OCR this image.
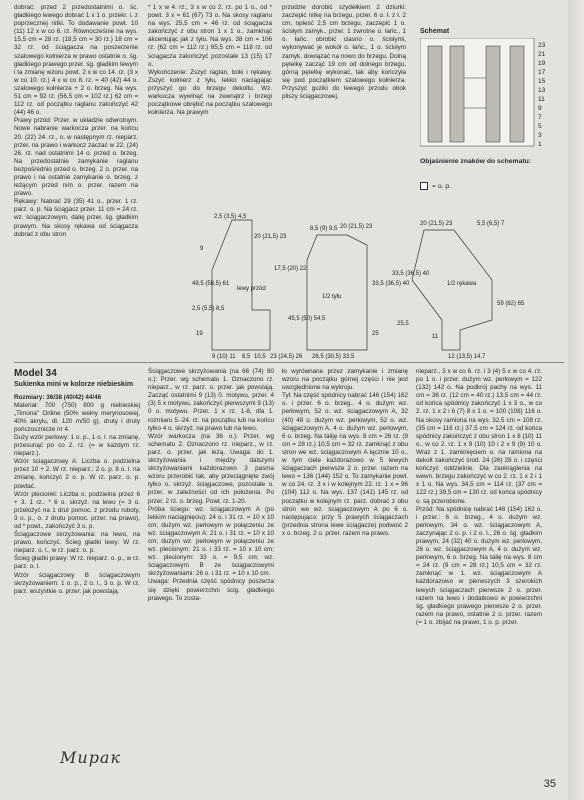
dobrać: przed 2 przedostatnimi o. śc. gładkiego lewego dobrać 1 x 1 o. przekr. i. z poprzecznej nitki. To dodawanie powt. 10 (11) 12 x w co 6. rz. Równocześnie na wys. 15,5 cm = 28 rz. (18,5 cm = 30 rz.) 18 cm = 32 rz. od ściągacza na poszerzenie szalowego kołnierza w prawo ostatnie o. śg. gładkiego prawego przer. śg. gładkim lewym i ta zmianę wzoru powt. 2 x w co 14. rz. (3 x w co 10. rz.) 4 x w co 8. rz. = 40 (42) 44 o. szalowego kołnierza + 2 o. brzeg. Na wys. 51 cm = 92 rz. (56,5 cm = 102 rz.) 62 cm = 112 rz. od początku raglanu zakończyć 42 (44) 46 o.

Prawy przód: Przer. w układzie odwrotnym. Nowe nabranie warkocza przer. na końcu 20. (22) 24. rz., o. w następnym rz. nieparz. przer. na prawo i warkocz zaczać w 22. (24) 26. rz. nad ostatnimi 14 o. przed o. brzeg. Na przedostatnie zamykanie raglanu bezpośrednio przed o. brzeg. 2 o. przer. na prawo i na ostatnie zamykanie o. brzeg. z leżącym przed nim o. przer. razem na prawo.

Rękawy: Nabrać 29 (35) 41 o., przer. 1 rz. parz. o. p. Na ściągacz przer. 11 cm = 24 rz. wz. ściągaczowym, dalej przer. śg. gładkim prawym. Na skosy rękawa od ściągacza dobrać z obu stron

* 1 x w 4. rz., 3 x w co 2. rz. po 1 o., od * powt. 3 x = 61 (67) 73 o. Na skosy raglanu na wys. 25,5 cm = 46 rz. od ściągacza zakończyć z obu stron 1 x 1 o., zamknąć akcentując jak z tyłu. Na wys. 38 cm = 106 rz. (62 cm = 112 rz.) 65,5 cm = 118 rz. od ściągacza zakończyć pozostałe 13 (15) 17 o.

Wykończenie: Zszyć raglan, boki i rękawy. Zszyć kołnierz z tyłu, lekko naciągając przyszyć go do brzegu dekoltu. Wz. warkocza wywinąć na zewnątrz i brzegi początkowe obrębić na początku szalowego kołnierza. Na prawym

przodzie dorobić szydełkiem 2 dziurki: zaczepić nitkę na brzegu, przer. 6 o. ł. z ł. 2 cm, opleść 2,5 cm brzegu, zaczepić 1 o. ścisłym zamyk., przer. 1 zwrotne o. łańc., 1 o. łańc. obrobić ciasno o. ścisłymi, wykonywać je wokół o. łańc., 1 o. ścisłym zamyk. dowiązać na nowo do brzegu. Dolną pętelkę zacząć 19 cm od dolnego brzegu, górną pętelkę wykonać, tak aby kończyła się pod początkiem szalowego kołnierza. Przyszyć guziki do lewego przodu obok pliszy ściągaczowej.

Schemat
23
21
19
17
15
13
11
9
7
5
3
1
Objaśnienie znaków do schematu:
= o. p.
lewy przód
1/2 tyłu
1/2 rękawa
2,5 (3,5) 4,5
9
20 (21,5) 23
17,5 (20) 22
49,5 (58,5) 61
2,5 (5,5) 8,5
19
9 (10) 11 8,5 10,5 23 (24,5) 26
8,5 (9) 9,5 20 (21,5) 23
33,5 (36,5) 40
45,5 (50) 54,5
25
26,5 (30,5) 33,5
5,5 (6,5) 7
20 (21,5) 23
33,5 (36,5) 40
59 (62) 65
25,5
11
12 (13,5) 14,7
Model 34
Sukienka mini w kolorze niebieskim

Rozmiary: 36/38 (40/42) 44/46

Materiał: 700 (750) 800 g niebieskiej „Timona" Online (50% wełny merynosowej, 40% akrylu, dł. 120 m/50 g), druty i druty pończosznicze nr 4.

Duży wzór perłowy: 1 o. p., 1 o. l. na zmianę, przesunąć po co 2. rz. (= w każdym rz. nieparz.).

Wzór ściągaczowy A: Liczba o. podzielna przez 10 + 2. W rz. nieparz.: 2 o. p. 8 o. l. na zmianę, kończyć 2 o. p. W rz. parz. o. p. powtać.

Wzór plecionki: Liczba o. podzielna przez 6 + 3. 1 rz.: * 6 o. skrzyż. na lewo (= 3 o. przełożyć na 1 drut pomoc. z przodu roboty, 3 o. p., o. z drutu pomoc. przer. na prawo), od * powt., zakończyć 3 o. p.

Ściągaczowe skrzyżowania: na lewo, na prawo, kończyć. Ścieg gładki lewy: W rz. nieparz. o. l., w rz. parz. o. p.

Ścieg gładki prawy: W rz. nieparz. o. p., w rz. parz. o. l.

Wzór ściągaczowy B ściągaczowym skrzyżowaniem: 1 o. p., 2 o. l., 3 o. p. W rz. parz. wszystkie o. przer. jak powstają.

Ściągaczowe skrzyżowania (na 66 (74) 80 o.): Przer. wg schematu 1. Oznaczono rz. nieparz., w rz. parz. o. przer. jak powstają. Zacząć ostatnimi 9 (13) 0. motywu, przer. 4 (3) 5 x motywu, zakończyć pierwszymi 9 (13) 0 o. motywu. Przer. 1 x rz. 1-8, dla 1. rozmiaru 5.-24. rz. na początku lub na końcu tylko 4 o. skrzyż. na prawo lub na lewo.

Wzór warkocza (na 36 o.): Przer. wg schematu 2. Oznaczono rz. nieparz., w rz. parz. o. przer. jak leżą. Uwaga: do 1. skrzyżowania i między dalszymi skrzyżowaniami każdorazowo 3 pasma wzoru przerobić tak, aby przeciągnięte zwój tylko o. skrzyż. ściągaczowe, pozostałe o. przer. w zależności od ich położenia. Po przer. 2 rz. o. brzeg. Powt. rz. 1-20.

Próba ściegu: wz. ściągaczowym A (po lekkim naciągnięciu): 24 o. i 31 rz. = 10 x 10 cm; dużym wz. perłowym w połączeniu ze wz. ściągaczowym A: 21 o. i 31 rz. = 10 x 10 cm; dużym wz. perłowym w połączeniu ze wz. plecionym: 21 o. i 33 rz. = 10 x 10 cm; wz. plecionym: 33 o. = 9,5 cm; wz. ściągaczowym B ze ściągaczowymi skrzyżowaniami: 26 o. i 31 rz. = 10 x 10 cm.

Uwaga: Przednia część spódnicy poszerza się dzięki powierzchni ścig. gładkiego prawego. To zosta-

ło wyrównane przez zamykanie i zmianę wzoru na początku górnej części i nie jest uwzględnione na wykroju.

Tył: Na część spódnicy nabrać 146 (154) 162 o. i przer. 6 o. brzeg., 4 o. dużym wz. perłowym, 52 o. wz. ściągaczowym A, 32 (40) 48 o. dużym wz. perłowym, 52 o. wz. ściągaczowym A, 4 o. dużym wz. perłowym, 6 o. brzeg. Na taliję na wys. 8 cm = 26 rz. (9 cm = 28 rz.) 10,5 cm = 32 rz. zamknąć z obu stron we wz. ściągaczowym A łącznie 10 o., w tym ciele każdorazowo w 5 lewych ściągaczach pierwsze 2 o. przer. razem na lewo = 136 (144) 152 o. To zamykanie powt. w co 24. rz. 3 x i w kolejnym 22. rz. 1 x = 96 (104) 112 o. Na wys. 137 (141) 145 rz. od początku w kolejnym rz. parz. dobrać z obu stron we wz. ściągaczowym A po 6 o. następująco: przy 5 prawych ściągaczach (przednia strona lewe ściągacze) podwoić 2 x o. brzeg. 2 o. przer. razem na prawo.

nieparz., 3 x w co 6. rz. i 3 (4) 5 x w co 4. rz. po 1 o. i przer. dużym wz. perłowym = 122 (132) 142 o. Na podkrój pachy na wys. 11 cm = 36 rz. (12 cm = 40 rz.) 13,5 cm = 44 rz. od końca spódnicy zakończyć 1 x 3 o., w co 2. rz. 1 x 2 i 6 (7) 8 x 1 o. = 100 (108) 116 o. Na skosy ramiona na wys. 32,5 cm = 108 rz. (35 cm = 116 rz.) 37,5 cm = 124 rz. od końca spódnicy zakończyć z obu stron 1 x 8 (10) 11 o., w co 2. rz. 1 x 9 (10) 10 i 2 x 9 (9) 10 o. Wraz z 1. zamknięciem o. na ramiona na dekolt zakończyć środ. 24 (26) 28 o. i części kończyć oddzielnie. Dla zaokrąglenia na wewn. brzegu zakończyć w co 2. rz. 1 x 2 i 1 x 1 o. Na wys. 34,5 cm = 114 rz. (37 cm = 122 rz.) 39,5 cm = 130 rz. od końca spódnicy o. są przerobione.

Przód: Na spódnicę nabrać 146 (154) 162 o. i przer.: 6 o. brzeg., 4 o. dużym wz. perłowym, 34 o. wz. ściągaczowym A, zaczynając 2 o. p. i 2 o. l., 26 o. śg. gładkim prawym, 24 (32) 40 o. dużym wz. perłowym, 26 o. wz. ściągaczowym A, 4 o. dużym wz. perłowym, 6 o. brzeg. Na talię na wys. 8 cm = 24 rz. (9 cm = 28 rz.) 10,5 cm = 32 rz. zamknąć w 1. wz. ściągaczowym A każdorazowo w pierwszych 3 szerokich lewych ściągaczach pierwsze 2 o. przer. razem na lewo i dodatkowo w powierzchni śg. gładkiego prawego pierwsze 2 o. przer. razem na prawo, ostatnie 2 o. przer. razem (= 1 o. zbijać na prawo, 1 o. p. przer.

Мирак
35
